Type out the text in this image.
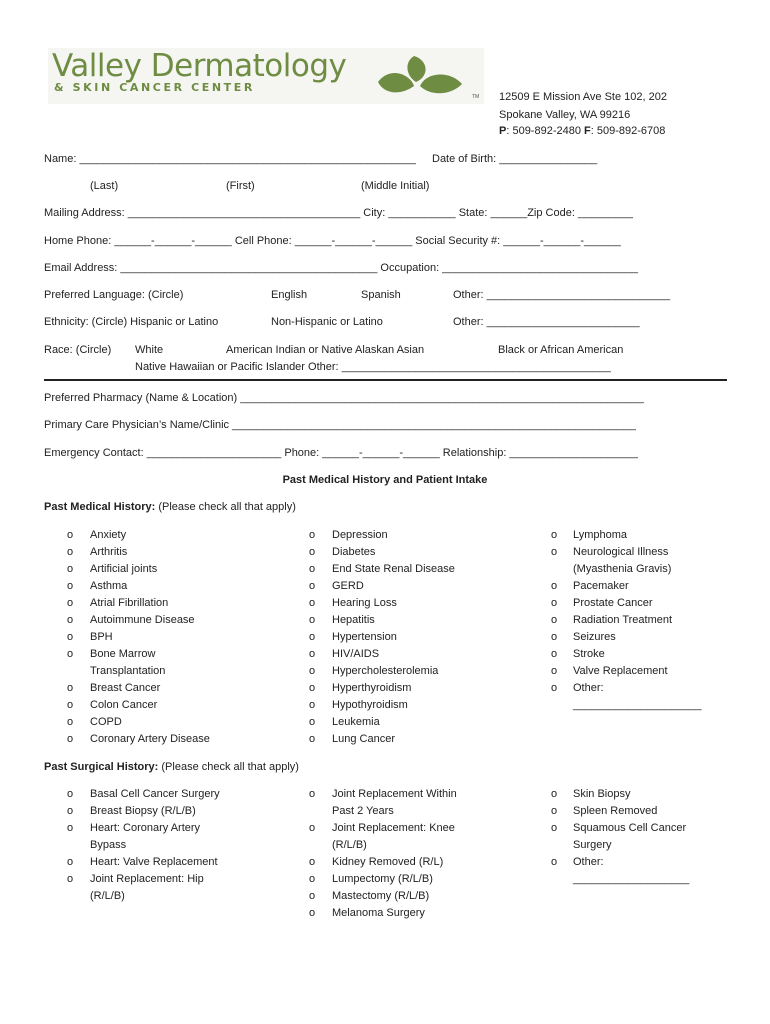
Valley Dermatology
& SKIN CANCER CENTER
TM 12509 E Mission Ave Ste 102, 202
Spokane Valley, WA 99216
P: 509-892-2480 F: 509-892-6708
Name: _______________________________________________________ Date of Birth: ________________
(Last)	(First)	(Middle Initial)
Mailing Address: ______________________________________ City: ___________ State: ______Zip Code: _________
Home Phone: ______-______-______ Cell Phone: ______-______-______ Social Security #: ______-______-______
Email Address: __________________________________________ Occupation: ________________________________
Preferred Language: (Circle)	English	Spanish	Other: ______________________________
Ethnicity: (Circle) Hispanic or Latino	Non-Hispanic or Latino	Other: _________________________
Race: (Circle) White	American Indian or Native Alaskan Asian	Black or African American
Native Hawaiian or Pacific Islander Other: ____________________________________________
Preferred Pharmacy (Name & Location) __________________________________________________________________
Primary Care Physician’s Name/Clinic __________________________________________________________________
Emergency Contact: ______________________ Phone: ______-______-______ Relationship: _____________________
Past Medical History and Patient Intake
Past Medical History: (Please check all that apply)
o Anxiety
o Arthritis
o Artificial joints
o Asthma
o Atrial Fibrillation
o Autoimmune Disease
o BPH
o Bone Marrow
Transplantation
o Breast Cancer
o Colon Cancer
o COPD
o Coronary Artery Disease
o Depression
o Diabetes
o End State Renal Disease
o GERD
o Hearing Loss
o Hepatitis
o Hypertension
o HIV/AIDS
o Hypercholesterolemia
o Hyperthyroidism
o Hypothyroidism
o Leukemia
o Lung Cancer
o Lymphoma
o Neurological Illness
(Myasthenia Gravis)
o Pacemaker
o Prostate Cancer
o Radiation Treatment
o Seizures
o Stroke
o Valve Replacement
o Other:
_____________________
Past Surgical History: (Please check all that apply)
o Basal Cell Cancer Surgery
o Breast Biopsy (R/L/B)
o Heart: Coronary Artery
Bypass
o Heart: Valve Replacement
o Joint Replacement: Hip
(R/L/B)
o Joint Replacement Within
Past 2 Years
o Joint Replacement: Knee
(R/L/B)
o Kidney Removed (R/L)
o Lumpectomy (R/L/B)
o Mastectomy (R/L/B)
o Melanoma Surgery
o Skin Biopsy
o Spleen Removed
o Squamous Cell Cancer
Surgery
o Other:
___________________
